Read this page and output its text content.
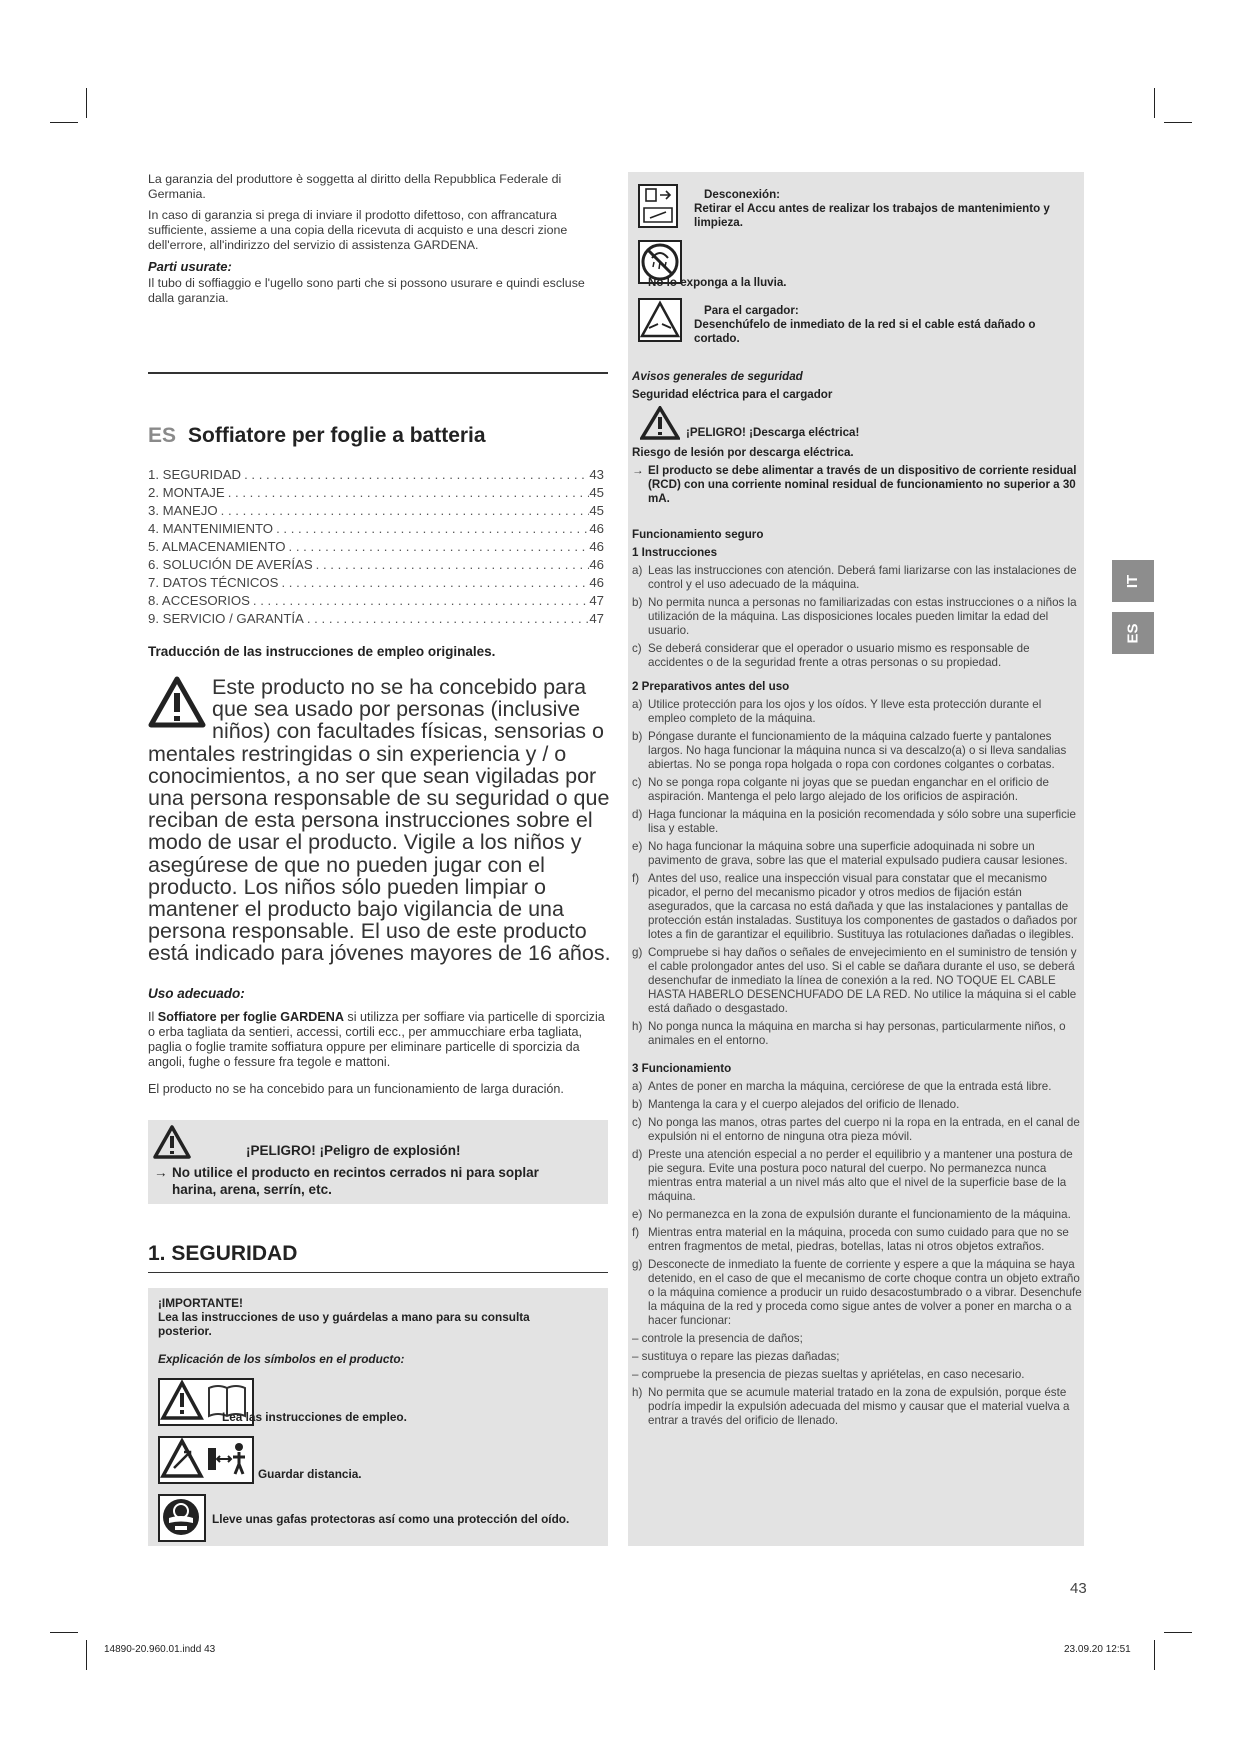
La garanzia del produttore è soggetta al diritto della Repubblica Federale di Germania.

In caso di garanzia si prega di inviare il prodotto difettoso, con affrancatura sufficiente, assieme a una copia della ricevuta di acquisto e una descri zione dell'errore, all'indirizzo del servizio di assistenza GARDENA.

Parti usurate:

Il tubo di soffiaggio e l'ugello sono parti che si possono usurare e quindi escluse dalla garanzia.

ES Soffiatore per foglie a batteria
1. SEGURIDAD . . .	43
2. MONTAJE . . .	45
3. MANEJO . . .	45
4. MANTENIMIENTO . . .	46
5. ALMACENAMIENTO . . .	46
6. SOLUCIÓN DE AVERÍAS . . .	46
7. DATOS TÉCNICOS . . .	46
8. ACCESORIOS . . .	47
9. SERVICIO / GARANTÍA . . .	47
Traducción de las instrucciones de empleo originales.
Este producto no se ha concebido para que sea usado por personas (inclusive niños) con facultades físicas, sensorias o mentales restringidas o sin experiencia y / o conocimientos, a no ser que sean vigiladas por una persona responsable de su seguridad o que reciban de esta persona instrucciones sobre el modo de usar el producto. Vigile a los niños y asegúrese de que no pueden jugar con el producto. Los niños sólo pueden limpiar o mantener el producto bajo vigilancia de una persona responsable. El uso de este producto está indicado para jóvenes mayores de 16 años.
Uso adecuado:
Il Soffiatore per foglie GARDENA si utilizza per soffiare via particelle di sporcizia o erba tagliata da sentieri, accessi, cortili ecc., per ammucchiare erba tagliata, paglia o foglie tramite soffiatura oppure per eliminare particelle di sporcizia da angoli, fughe o fessure fra tegole e mattoni.
El producto no se ha concebido para un funcionamiento de larga duración.
¡PELIGRO! ¡Peligro de explosión!
→ No utilice el producto en recintos cerrados ni para soplar harina, arena, serrín, etc.
1. SEGURIDAD
¡IMPORTANTE!
Lea las instrucciones de uso y guárdelas a mano para su consulta posterior.
Explicación de los símbolos en el producto:
Lea las instrucciones de empleo.
Guardar distancia.
Lleve unas gafas protectoras así como una protección del oído.
Desconexión:
Retirar el Accu antes de realizar los trabajos de mantenimiento y limpieza.
No lo exponga a la lluvia.
Para el cargador:
Desenchúfelo de inmediato de la red si el cable está dañado o cortado.
Avisos generales de seguridad
Seguridad eléctrica para el cargador
¡PELIGRO! ¡Descarga eléctrica!
Riesgo de lesión por descarga eléctrica.
→ El producto se debe alimentar a través de un dispositivo de corriente residual (RCD) con una corriente nominal residual de funcionamiento no superior a 30 mA.
Funcionamiento seguro
1 Instrucciones
a) Leas las instrucciones con atención. Deberá fami liarizarse con las instalaciones de control y el uso adecuado de la máquina.
b) No permita nunca a personas no familiarizadas con estas instrucciones o a niños la utilización de la máquina. Las disposiciones locales pueden limitar la edad del usuario.
c) Se deberá considerar que el operador o usuario mismo es responsable de accidentes o de la seguridad frente a otras personas o su propiedad.
2 Preparativos antes del uso
a) Utilice protección para los ojos y los oídos. Y lleve esta protección durante el empleo completo de la máquina.
b) Póngase durante el funcionamiento de la máquina calzado fuerte y pantalones largos. No haga funcionar la máquina nunca si va descalzo(a) o si lleva sandalias abiertas. No se ponga ropa holgada o ropa con cordones colgantes o corbatas.
c) No se ponga ropa colgante ni joyas que se puedan enganchar en el orificio de aspiración. Mantenga el pelo largo alejado de los orificios de aspiración.
d) Haga funcionar la máquina en la posición recomendada y sólo sobre una superficie lisa y estable.
e) No haga funcionar la máquina sobre una superficie adoquinada ni sobre un pavimento de grava, sobre las que el material expulsado pudiera causar lesiones.
f) Antes del uso, realice una inspección visual para constatar que el mecanismo picador, el perno del mecanismo picador y otros medios de fijación están asegurados, que la carcasa no está dañada y que las instalaciones y pantallas de protección están instaladas. Sustituya los componentes de gastados o dañados por lotes a fin de garantizar el equilibrio. Sustituya las rotulaciones dañadas o ilegibles.
g) Compruebe si hay daños o señales de envejecimiento en el suministro de tensión y el cable prolongador antes del uso. Si el cable se dañara durante el uso, se deberá desenchufar de inmediato la línea de conexión a la red. NO TOQUE EL CABLE HASTA HABERLO DESENCHUFADO DE LA RED. No utilice la máquina si el cable está dañado o desgastado.
h) No ponga nunca la máquina en marcha si hay personas, particularmente niños, o animales en el entorno.
3 Funcionamiento
a) Antes de poner en marcha la máquina, cerciórese de que la entrada está libre.
b) Mantenga la cara y el cuerpo alejados del orificio de llenado.
c) No ponga las manos, otras partes del cuerpo ni la ropa en la entrada, en el canal de expulsión ni el entorno de ninguna otra pieza móvil.
d) Preste una atención especial a no perder el equilibrio y a mantener una postura de pie segura. Evite una postura poco natural del cuerpo. No permanezca nunca mientras entra material a un nivel más alto que el nivel de la superficie base de la máquina.
e) No permanezca en la zona de expulsión durante el funcionamiento de la máquina.
f) Mientras entra material en la máquina, proceda con sumo cuidado para que no se entren fragmentos de metal, piedras, botellas, latas ni otros objetos extraños.
g) Desconecte de inmediato la fuente de corriente y espere a que la máquina se haya detenido, en el caso de que el mecanismo de corte choque contra un objeto extraño o la máquina comience a producir un ruido desacostumbrado o a vibrar. Desenchufe la máquina de la red y proceda como sigue antes de volver a poner en marcha o a hacer funcionar:
– controle la presencia de daños;
– sustituya o repare las piezas dañadas;
– compruebe la presencia de piezas sueltas y apriételas, en caso necesario.
h) No permita que se acumule material tratado en la zona de expulsión, porque éste podría impedir la expulsión adecuada del mismo y causar que el material vuelva a entrar a través del orificio de llenado.
IT
ES
43
14890-20.960.01.indd 43	23.09.20 12:51
